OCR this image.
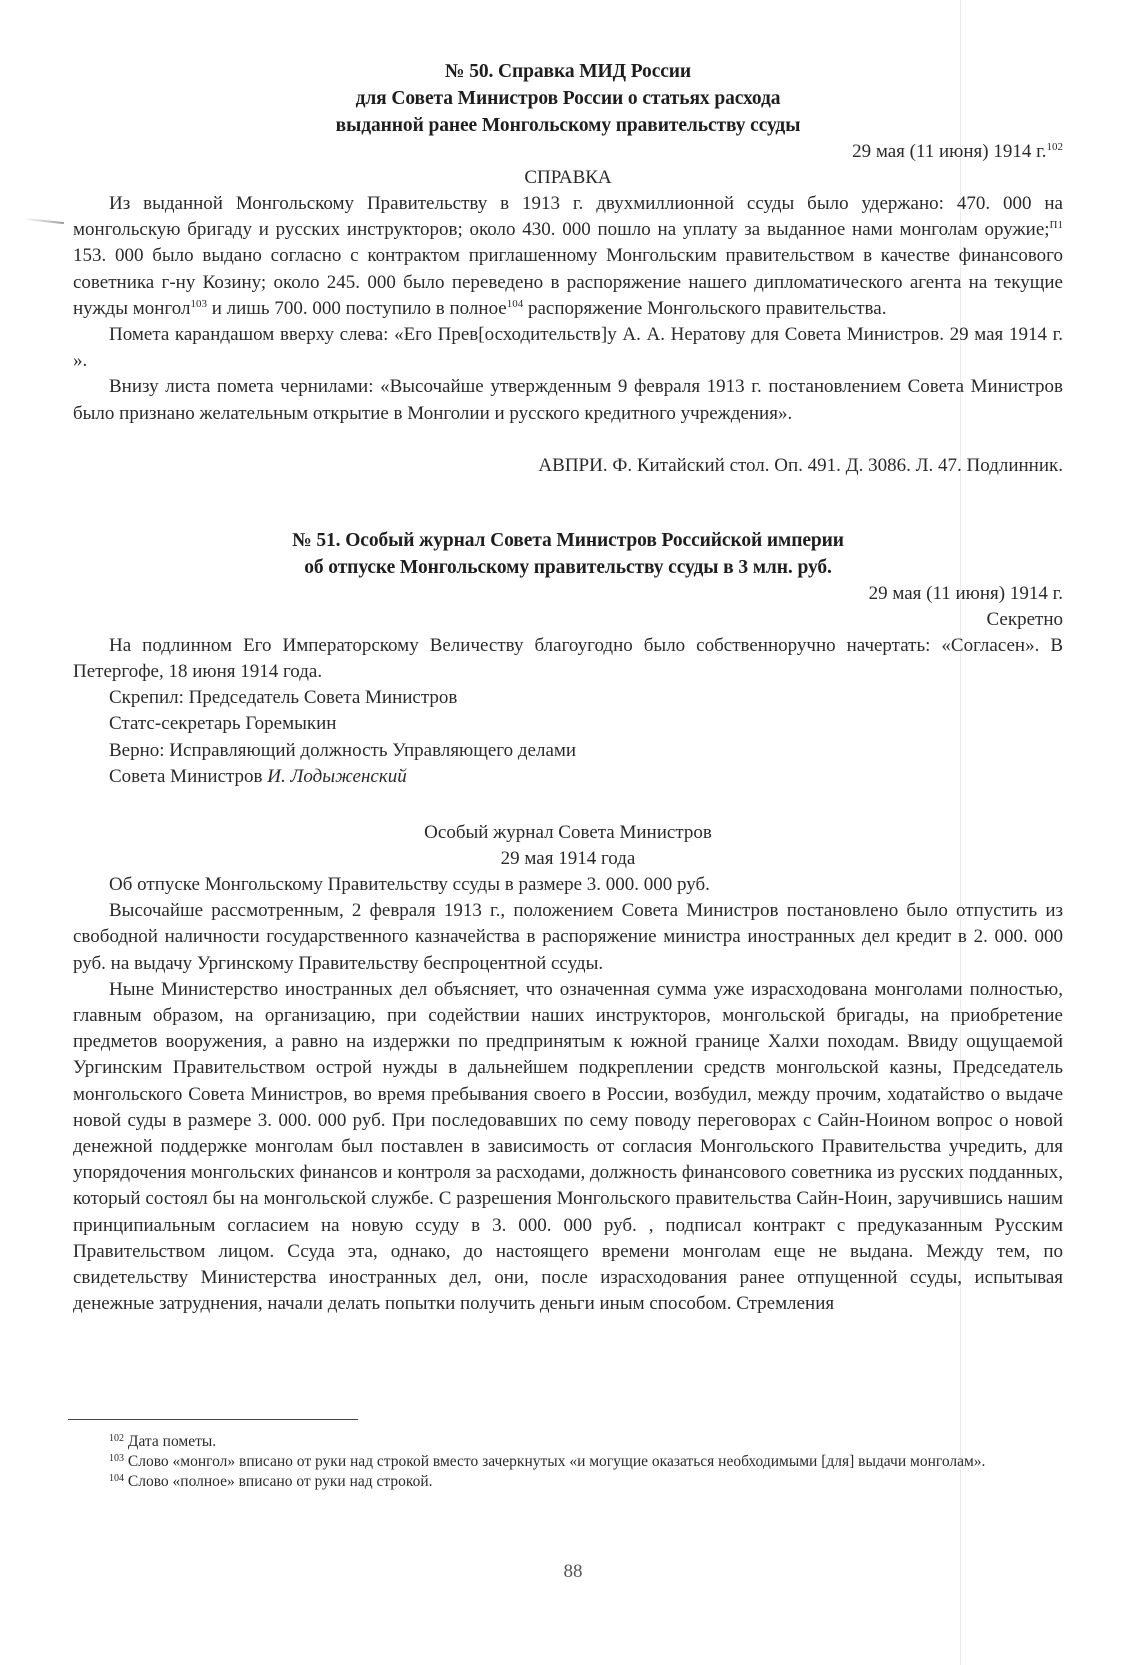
№ 50. Справка МИД России
для Совета Министров России о статьях расхода
выданной ранее Монгольскому правительству ссуды

29 мая (11 июня) 1914 г.$^{102}$

СПРАВКА

Из выданной Монгольскому Правительству в 1913 г. двухмиллионной ссуды было удержано: 470. 000 на монгольскую бригаду и русских инструкторов; около 430. 000 пошло на уплату за выданное нами монголам оружие;$^{П1}$ 153. 000 было выдано согласно с контрактом приглашенному Монгольским правительством в качестве финансового советника г-ну Козину; около 245. 000 было переведено в распоряжение нашего дипломатического агента на текущие нужды монгол$^{103}$ и лишь 700. 000 поступило в полное$^{104}$ распоряжение Монгольского правительства.

Помета карандашом вверху слева: «Его Прев[осходительств]у А. А. Нератову для Совета Министров. 29 мая 1914 г. ».

Внизу листа помета чернилами: «Высочайше утвержденным 9 февраля 1913 г. постановлением Совета Министров было признано желательным открытие в Монголии и русского кредитного учреждения».

АВПРИ. Ф. Китайский стол. Оп. 491. Д. 3086. Л. 47. Подлинник.

№ 51. Особый журнал Совета Министров Российской империи
об отпуске Монгольскому правительству ссуды в 3 млн. руб.

29 мая (11 июня) 1914 г.

Секретно

На подлинном Его Императорскому Величеству благоугодно было собственноручно начертать: «Согласен». В Петергофе, 18 июня 1914 года.

Скрепил: Председатель Совета Министров

Статс-секретарь Горемыкин

Верно: Исправляющий должность Управляющего делами

Совета Министров И. Лодыженский

Особый журнал Совета Министров

29 мая 1914 года

Об отпуске Монгольскому Правительству ссуды в размере 3. 000. 000 руб.

Высочайше рассмотренным, 2 февраля 1913 г., положением Совета Министров постановлено было отпустить из свободной наличности государственного казначейства в распоряжение министра иностранных дел кредит в 2. 000. 000 руб. на выдачу Ургинскому Правительству беспроцентной ссуды.

Ныне Министерство иностранных дел объясняет, что означенная сумма уже израсходована монголами полностью, главным образом, на организацию, при содействии наших инструкторов, монгольской бригады, на приобретение предметов вооружения, а равно на издержки по предпринятым к южной границе Халхи походам. Ввиду ощущаемой Ургинским Правительством острой нужды в дальнейшем подкреплении средств монгольской казны, Председатель монгольского Совета Министров, во время пребывания своего в России, возбудил, между прочим, ходатайство о выдаче новой суды в размере 3. 000. 000 руб. При последовавших по сему поводу переговорах с Сайн-Ноином вопрос о новой денежной поддержке монголам был поставлен в зависимость от согласия Монгольского Правительства учредить, для упорядочения монгольских финансов и контроля за расходами, должность финансового советника из русских подданных, который состоял бы на монгольской службе. С разрешения Монгольского правительства Сайн-Ноин, заручившись нашим принципиальным согласием на новую ссуду в 3. 000. 000 руб. , подписал контракт с предуказанным Русским Правительством лицом. Ссуда эта, однако, до настоящего времени монголам еще не выдана. Между тем, по свидетельству Министерства иностранных дел, они, после израсходования ранее отпущенной ссуды, испытывая денежные затруднения, начали делать попытки получить деньги иным способом. Стремления

$^{102}$ Дата пометы.

$^{103}$ Слово «монгол» вписано от руки над строкой вместо зачеркнутых «и могущие оказаться необходимыми [для] выдачи монголам».

$^{104}$ Слово «полное» вписано от руки над строкой.

88
